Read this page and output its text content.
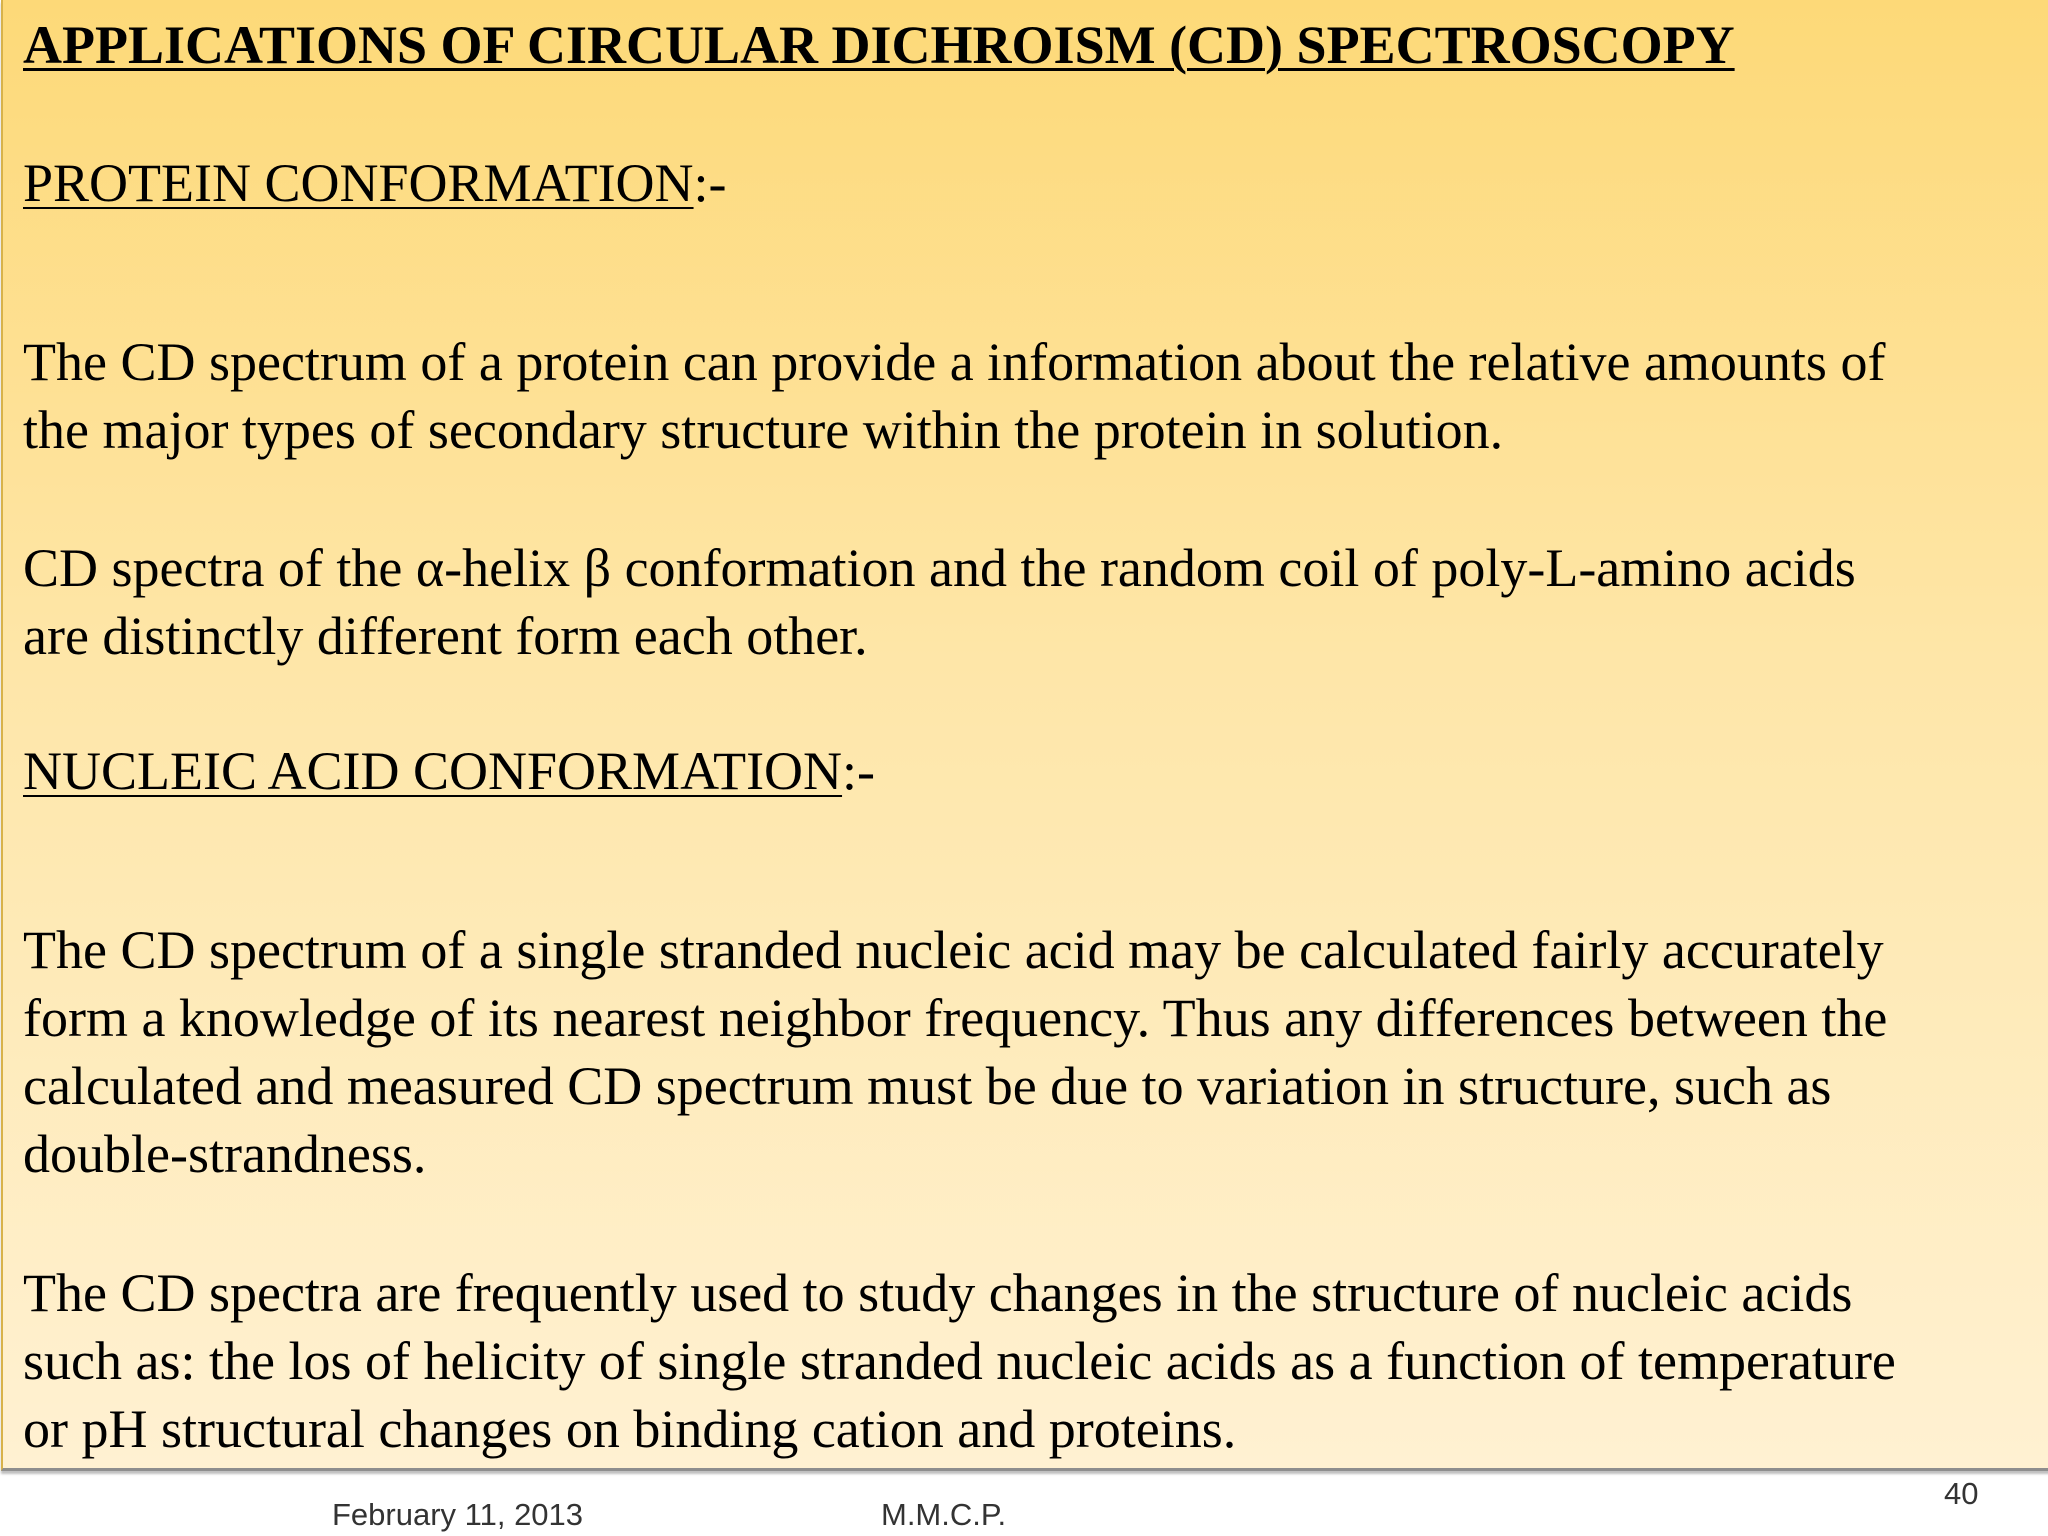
APPLICATIONS OF CIRCULAR DICHROISM (CD) SPECTROSCOPY
PROTEIN CONFORMATION:-
The CD spectrum of a protein can provide a information about the relative amounts of
the major types of secondary structure within the protein in solution.
CD spectra of the α-helix β conformation and the random coil of poly-L-amino acids
are distinctly different form each other.
NUCLEIC ACID CONFORMATION:-
The CD spectrum of a single stranded nucleic acid may be calculated fairly accurately
form a knowledge of its nearest neighbor frequency. Thus any differences between the
calculated and measured CD spectrum must be due to variation in structure, such as
double-strandness.
The CD spectra are frequently used to study changes in the structure of nucleic acids
such as: the los of helicity of single stranded nucleic acids as a function of temperature
or pH structural changes on binding cation and proteins.
February 11, 2013	M.M.C.P.
40
